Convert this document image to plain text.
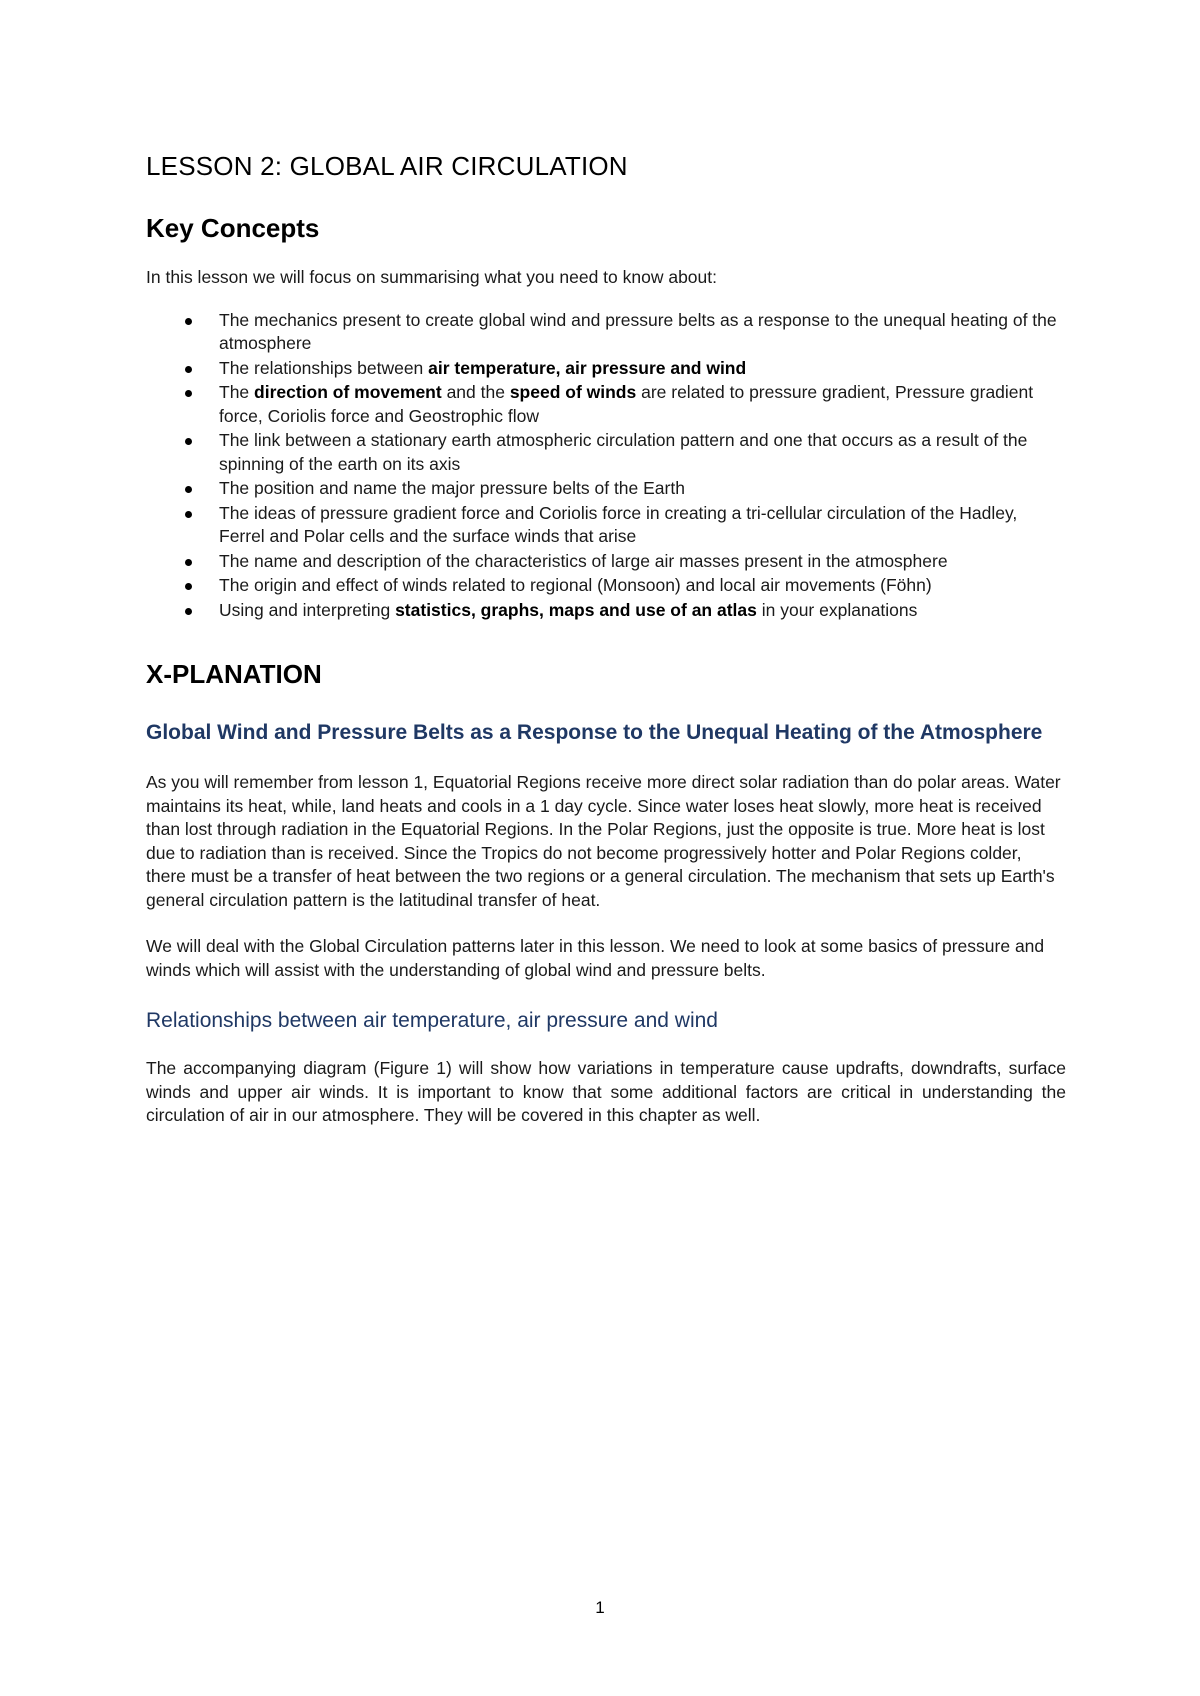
LESSON 2: GLOBAL AIR CIRCULATION
Key Concepts

In this lesson we will focus on summarising what you need to know about:

The mechanics present to create global wind and pressure belts as a response to the unequal heating of the atmosphere
The relationships between air temperature, air pressure and wind
The direction of movement and the speed of winds are related to pressure gradient, Pressure gradient force, Coriolis force and Geostrophic flow
The link between a stationary earth atmospheric circulation pattern and one that occurs as a result of the spinning of the earth on its axis
The position and name the major pressure belts of the Earth
The ideas of pressure gradient force and Coriolis force in creating a tri-cellular circulation of the Hadley, Ferrel and Polar cells and the surface winds that arise
The name and description of the characteristics of large air masses present in the atmosphere
The origin and effect of winds related to regional (Monsoon) and local air movements (Föhn)
Using and interpreting statistics, graphs, maps and use of an atlas in your explanations
X-PLANATION
Global Wind and Pressure Belts as a Response to the Unequal Heating of the Atmosphere

As you will remember from lesson 1, Equatorial Regions receive more direct solar radiation than do polar areas. Water maintains its heat, while, land heats and cools in a 1 day cycle. Since water loses heat slowly, more heat is received than lost through radiation in the Equatorial Regions. In the Polar Regions, just the opposite is true. More heat is lost due to radiation than is received. Since the Tropics do not become progressively hotter and Polar Regions colder, there must be a transfer of heat between the two regions or a general circulation. The mechanism that sets up Earth's general circulation pattern is the latitudinal transfer of heat.

We will deal with the Global Circulation patterns later in this lesson. We need to look at some basics of pressure and winds which will assist with the understanding of global wind and pressure belts.

Relationships between air temperature, air pressure and wind

The accompanying diagram (Figure 1) will show how variations in temperature cause updrafts, downdrafts, surface winds and upper air winds. It is important to know that some additional factors are critical in understanding the circulation of air in our atmosphere. They will be covered in this chapter as well.

1
